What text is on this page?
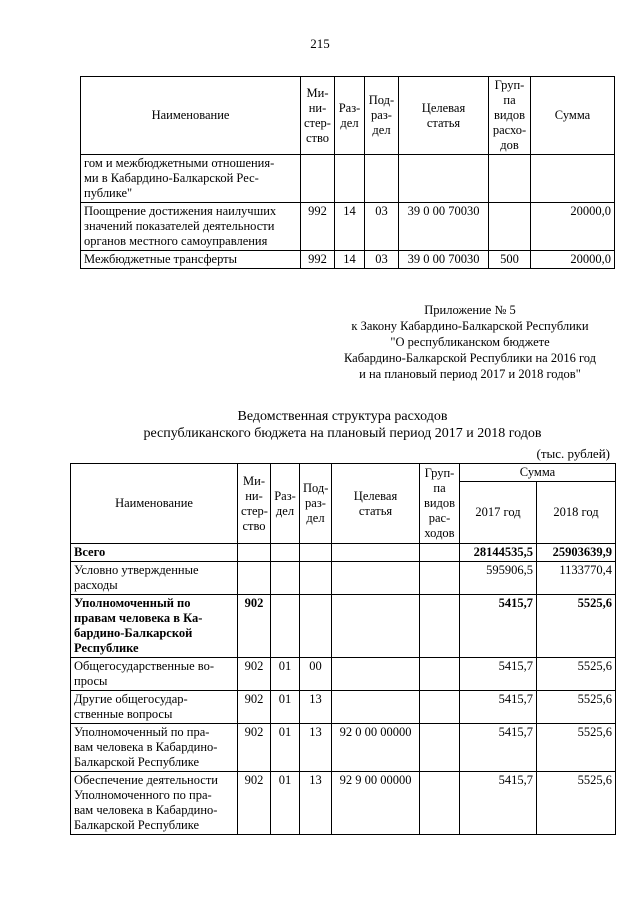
215
Наименование	Ми-
ни-
стер-
ство	Раз-
дел	Под-
раз-
дел	Целевая
статья	Груп-
па
видов
расхо-
дов	Сумма
гом и межбюджетными отношения-
ми в Кабардино-Балкарской Рес-
публике"						
Поощрение достижения наилучших
значений показателей деятельности
органов местного самоуправления	992	14	03	39 0 00 70030		20000,0
Межбюджетные трансферты	992	14	03	39 0 00 70030	500	20000,0
Приложение № 5
к Закону Кабардино-Балкарской Республики
"О республиканском бюджете
Кабардино-Балкарской Республики на 2016 год
и на плановый период 2017 и 2018 годов"
Ведомственная структура расходов
республиканского бюджета на плановый период 2017 и 2018 годов
(тыс. рублей)
Наименование	Ми-
ни-
стер-
ство	Раз-
дел	Под-
раз-
дел	Целевая
статья	Груп-
па
видов
рас-
ходов	Сумма	
						2017 год	2018 год
Всего						28144535,5	25903639,9
Условно утвержденные
расходы						595906,5	1133770,4
Уполномоченный по
правам человека в Ка-
бардино-Балкарской
Республике	902					5415,7	5525,6
Общегосударственные во-
просы	902	01	00			5415,7	5525,6
Другие общегосудар-
ственные вопросы	902	01	13			5415,7	5525,6
Уполномоченный по пра-
вам человека в Кабардино-
Балкарской Республике	902	01	13	92 0 00 00000		5415,7	5525,6
Обеспечение деятельности
Уполномоченного по пра-
вам человека в Кабардино-
Балкарской Республике	902	01	13	92 9 00 00000		5415,7	5525,6
